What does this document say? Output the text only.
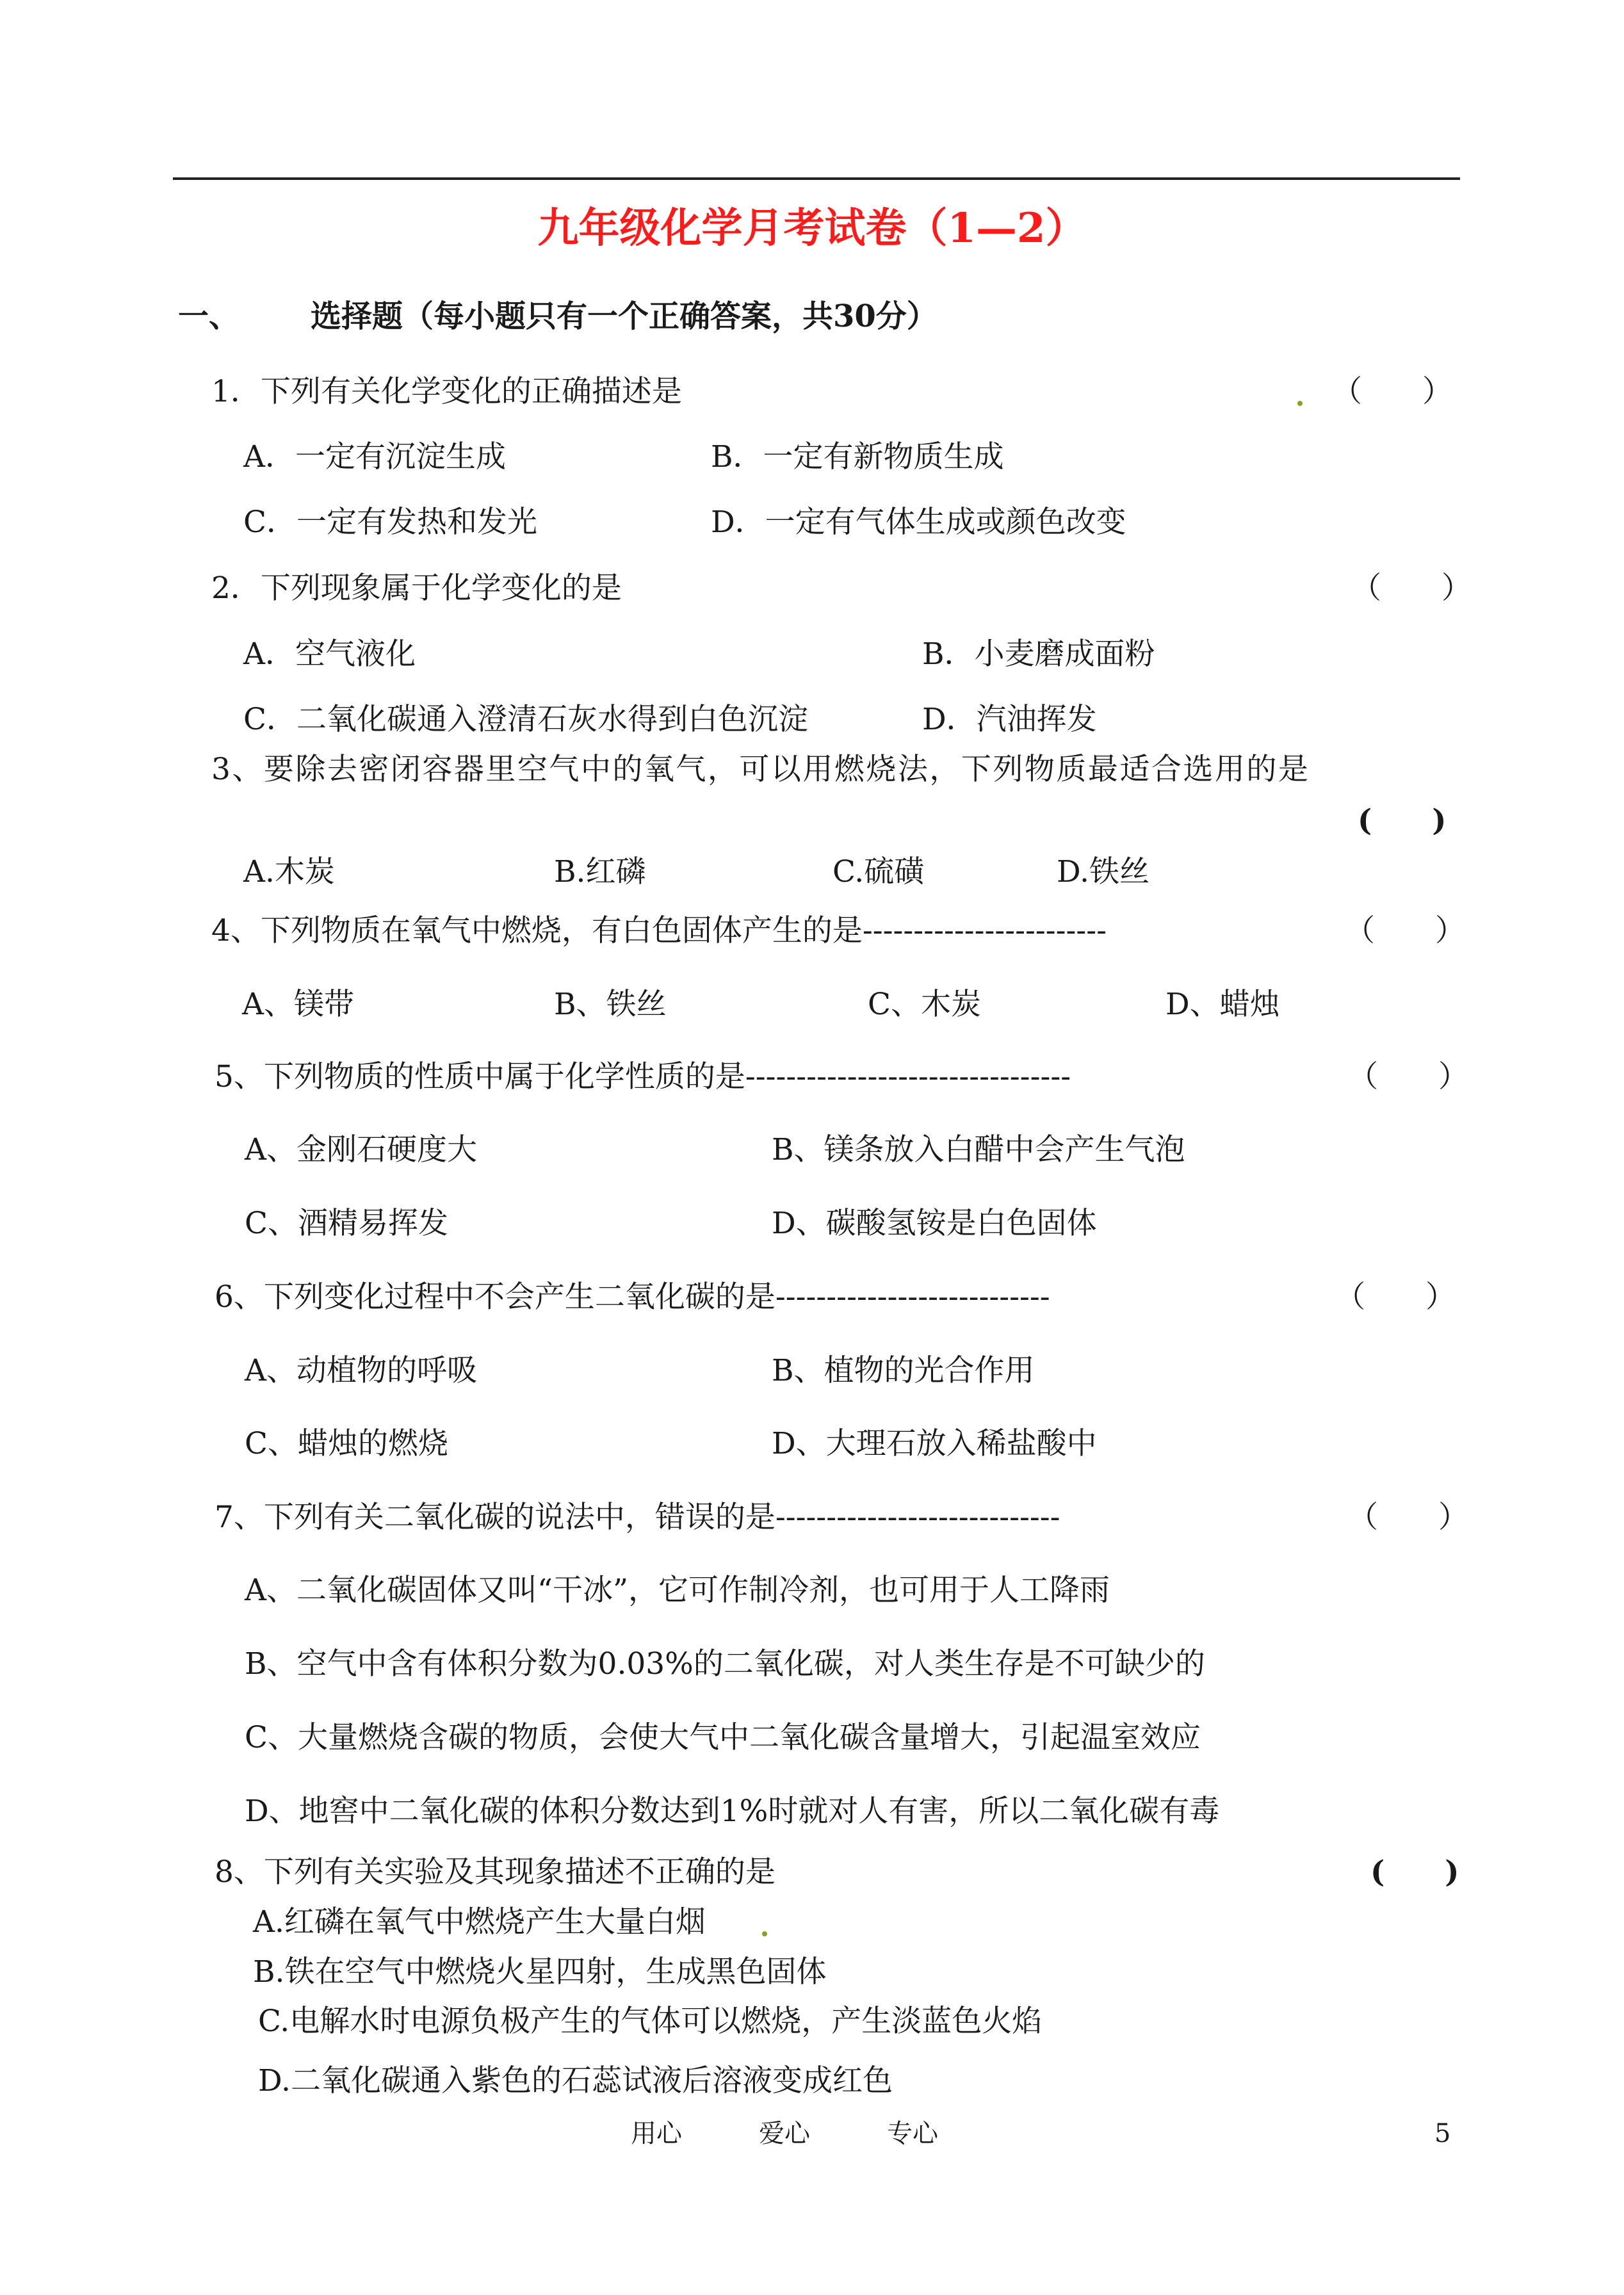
九年级化学月考试卷（1—2）
一、 选择题（每小题只有一个正确答案，共30分）
1．下列有关化学变化的正确描述是	（　　）
A．一定有沉淀生成	B．一定有新物质生成
C．一定有发热和发光	D．一定有气体生成或颜色改变
2．下列现象属于化学变化的是	（　　）
A．空气液化	B．小麦磨成面粉
C．二氧化碳通入澄清石灰水得到白色沉淀	D．汽油挥发
3、要除去密闭容器里空气中的氧气，可以用燃烧法，下列物质最适合选用的是
(　　)
A.木炭	B.红磷	C.硫磺	D.铁丝
4、下列物质在氧气中燃烧，有白色固体产生的是------------------------	（　　）
A、镁带	B、铁丝	C、木炭	D、蜡烛
5、下列物质的性质中属于化学性质的是--------------------------------	（　　）
A、金刚石硬度大	B、镁条放入白醋中会产生气泡
C、酒精易挥发	D、碳酸氢铵是白色固体
6、下列变化过程中不会产生二氧化碳的是---------------------------	（　　）
A、动植物的呼吸	B、植物的光合作用
C、蜡烛的燃烧	D、大理石放入稀盐酸中
7、下列有关二氧化碳的说法中，错误的是----------------------------	（　　）
A、二氧化碳固体又叫“干冰”，它可作制冷剂，也可用于人工降雨
B、空气中含有体积分数为0.03%的二氧化碳，对人类生存是不可缺少的
C、大量燃烧含碳的物质，会使大气中二氧化碳含量增大，引起温室效应
D、地窖中二氧化碳的体积分数达到1%时就对人有害，所以二氧化碳有毒
8、下列有关实验及其现象描述不正确的是	(　　)
A.红磷在氧气中燃烧产生大量白烟
B.铁在空气中燃烧火星四射，生成黑色固体
C.电解水时电源负极产生的气体可以燃烧，产生淡蓝色火焰
D.二氧化碳通入紫色的石蕊试液后溶液变成红色
用心	爱心	专心	5
